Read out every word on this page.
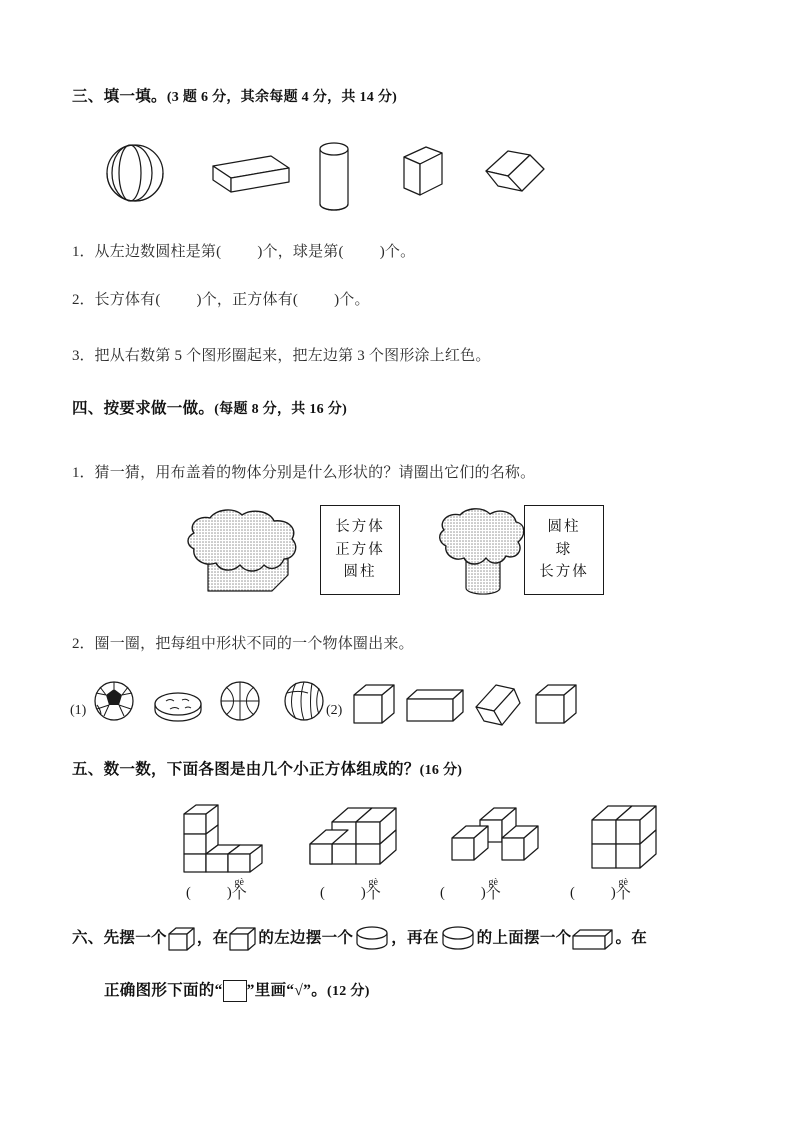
三、填一填。(3 题 6 分，其余每题 4 分，共 14 分)
1．从左边数圆柱是第( )个，球是第( )个。
2．长方体有( )个，正方体有( )个。
3．把从右数第 5 个图形圈起来，把左边第 3 个图形涂上红色。
四、按要求做一做。(每题 8 分，共 16 分)
1．猜一猜，用布盖着的物体分别是什么形状的？请圈出它们的名称。
长方体
正方体
圆柱
圆柱
球
长方体
2．圈一圈，把每组中形状不同的一个物体圈出来。
(1)	(2)
五、数一数，下面各图是由几个小正方体组成的？(16 分)
( )
gè
个	( )
gè
个	( )
gè
个	( )
gè
个
六、先摆一个 ，在 的左边摆一个 ，再在 的上面摆一个	。在
正确图形下面的“ ”里画“√”。(12 分)
